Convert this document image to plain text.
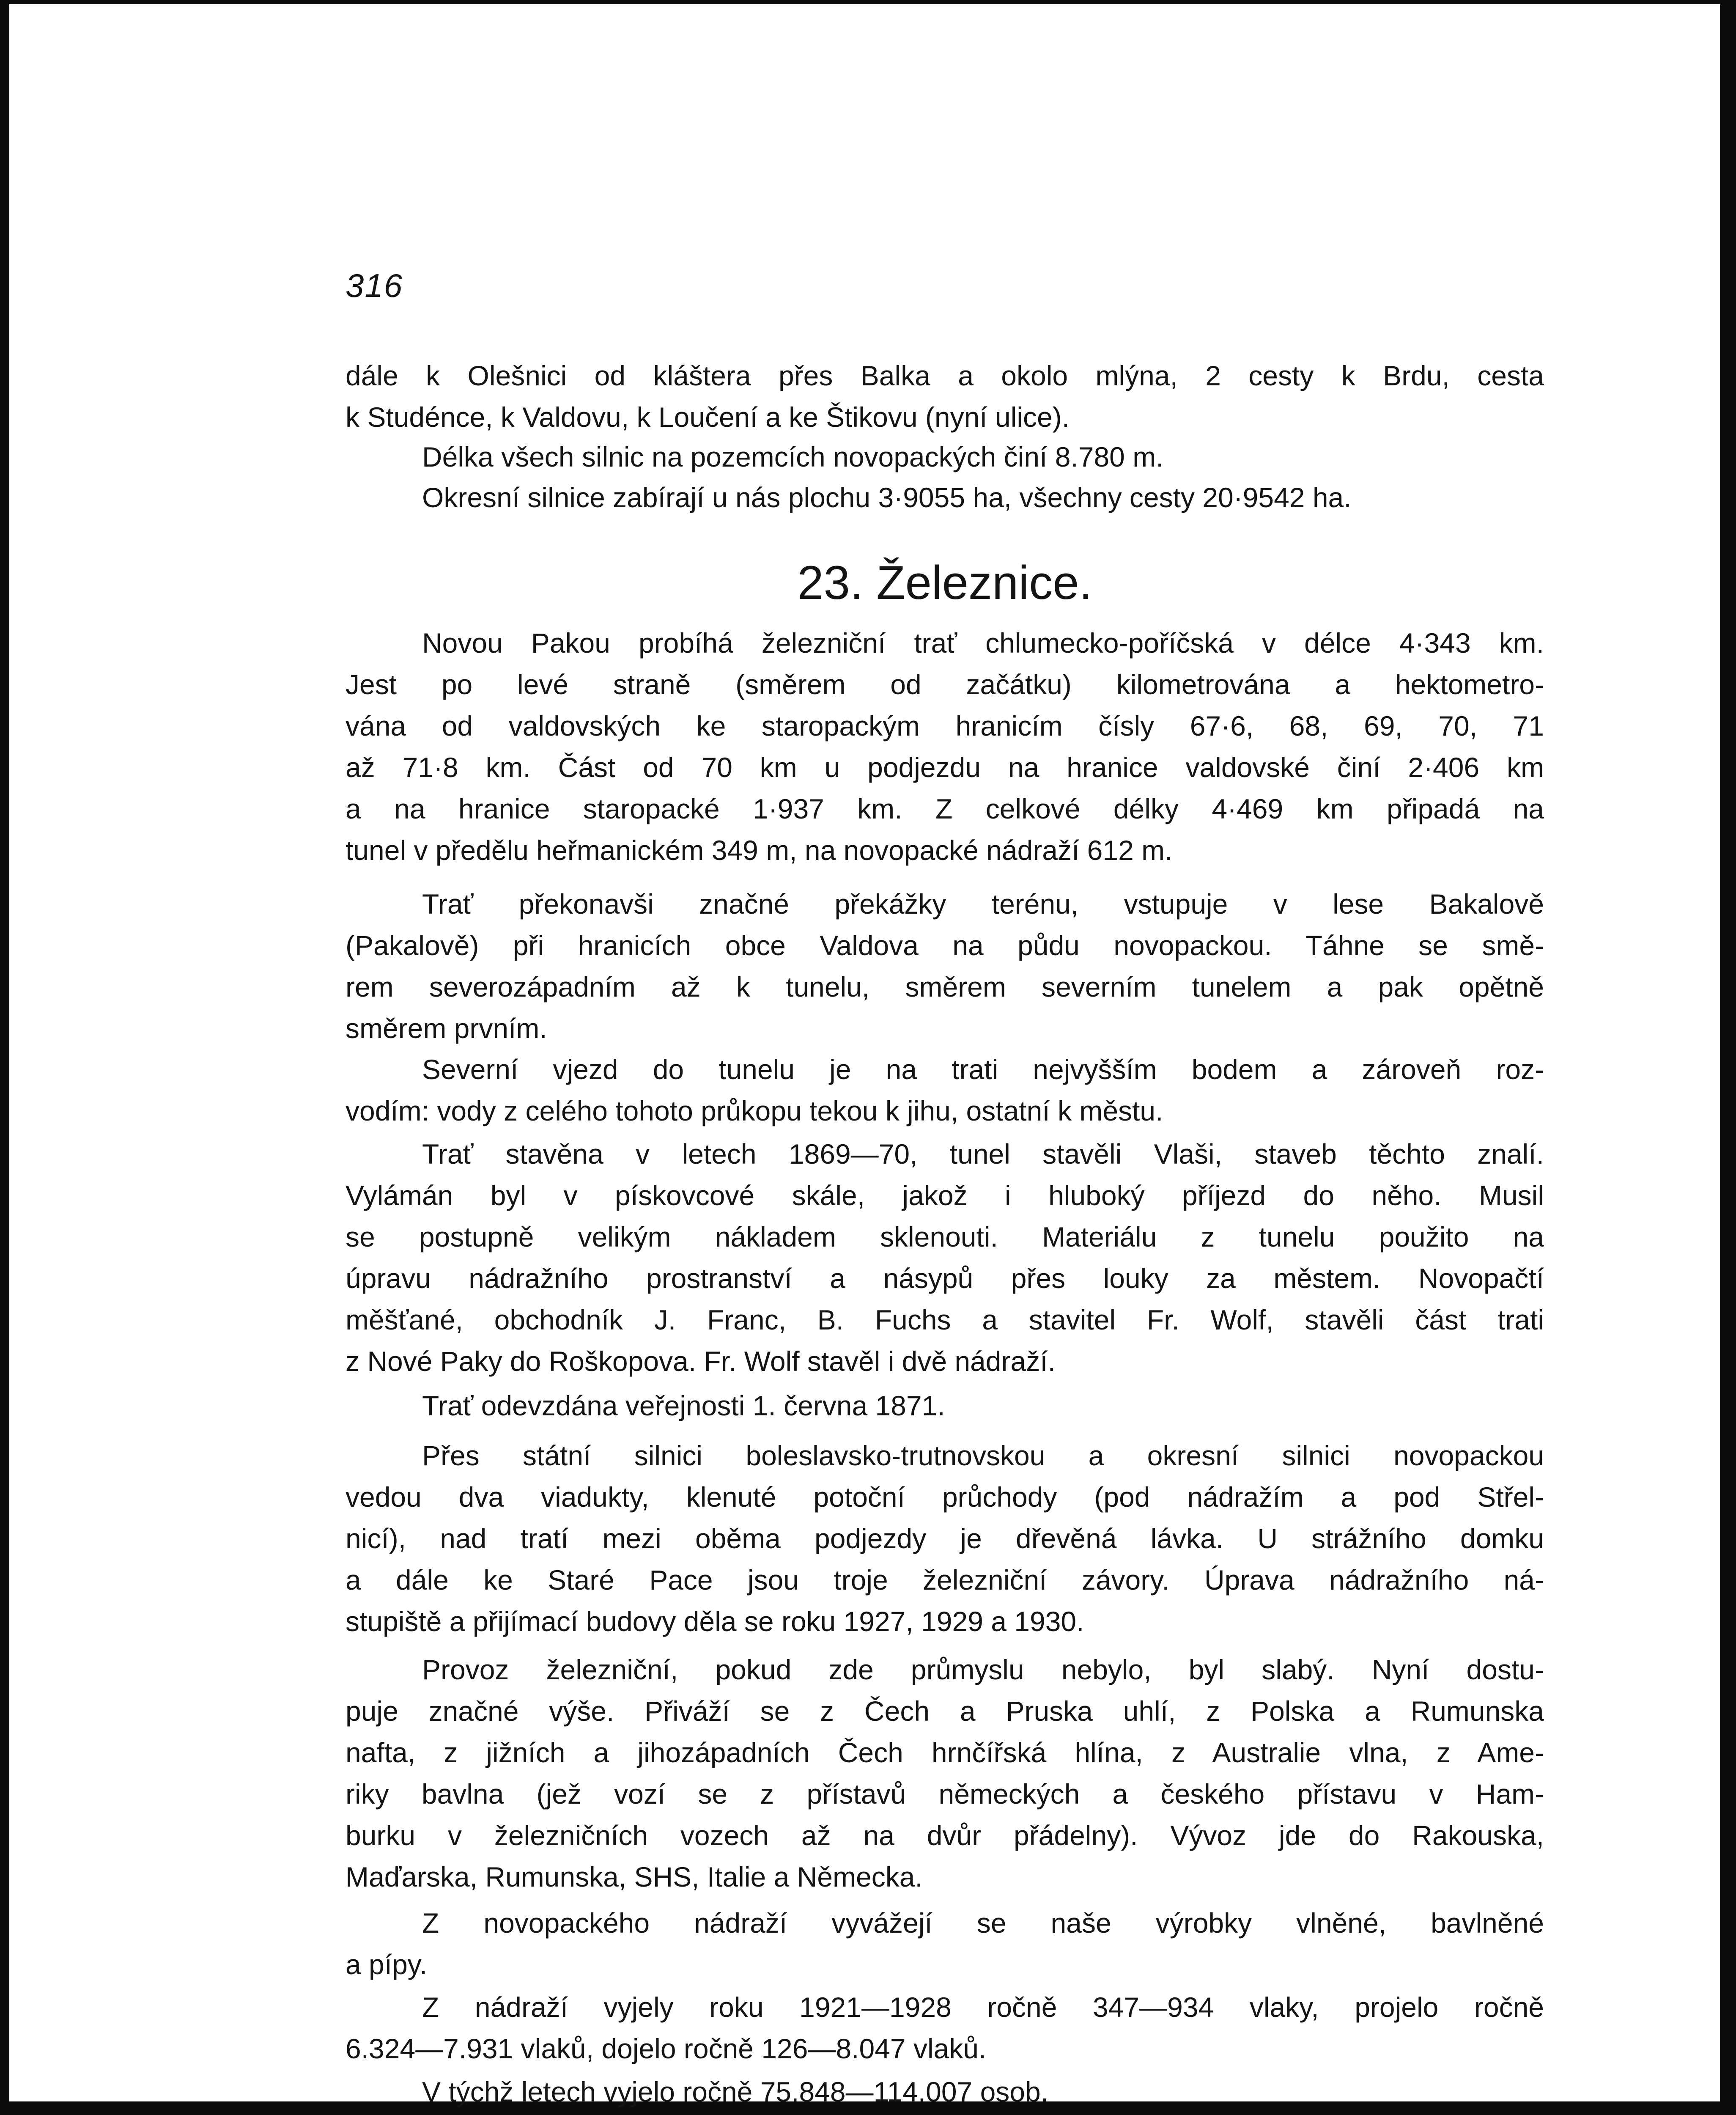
316
23. Železnice.
dále k Olešnici od kláštera přes Balka a okolo mlýna, 2 cesty k Brdu, cesta
k Studénce, k Valdovu, k Loučení a ke Štikovu (nyní ulice).
Délka všech silnic na pozemcích novopackých činí 8.780 m.
Okresní silnice zabírají u nás plochu 3·9055 ha, všechny cesty 20·9542 ha.
Novou Pakou probíhá železniční trať chlumecko-poříčská v délce 4·343 km.
Jest po levé straně (směrem od začátku) kilometrována a hektometro-
vána od valdovských ke staropackým hranicím čísly 67·6, 68, 69, 70, 71
až 71·8 km. Část od 70 km u podjezdu na hranice valdovské činí 2·406 km
a na hranice staropacké 1·937 km. Z celkové délky 4·469 km připadá na
tunel v předělu heřmanickém 349 m, na novopacké nádraží 612 m.
Trať překonavši značné překážky terénu, vstupuje v lese Bakalově
(Pakalově) při hranicích obce Valdova na půdu novopackou. Táhne se smě-
rem severozápadním až k tunelu, směrem severním tunelem a pak opětně
směrem prvním.
Severní vjezd do tunelu je na trati nejvyšším bodem a zároveň roz-
vodím: vody z celého tohoto průkopu tekou k jihu, ostatní k městu.
Trať stavěna v letech 1869—70, tunel stavěli Vlaši, staveb těchto znalí.
Vylámán byl v pískovcové skále, jakož i hluboký příjezd do něho. Musil
se postupně velikým nákladem sklenouti. Materiálu z tunelu použito na
úpravu nádražního prostranství a násypů přes louky za městem. Novopačtí
měšťané, obchodník J. Franc, B. Fuchs a stavitel Fr. Wolf, stavěli část trati
z Nové Paky do Roškopova. Fr. Wolf stavěl i dvě nádraží.
Trať odevzdána veřejnosti 1. června 1871.
Přes státní silnici boleslavsko-trutnovskou a okresní silnici novopackou
vedou dva viadukty, klenuté potoční průchody (pod nádražím a pod Střel-
nicí), nad tratí mezi oběma podjezdy je dřevěná lávka. U strážního domku
a dále ke Staré Pace jsou troje železniční závory. Úprava nádražního ná-
stupiště a přijímací budovy děla se roku 1927, 1929 a 1930.
Provoz železniční, pokud zde průmyslu nebylo, byl slabý. Nyní dostu-
puje značné výše. Přiváží se z Čech a Pruska uhlí, z Polska a Rumunska
nafta, z jižních a jihozápadních Čech hrnčířská hlína, z Australie vlna, z Ame-
riky bavlna (jež vozí se z přístavů německých a českého přístavu v Ham-
burku v železničních vozech až na dvůr přádelny). Vývoz jde do Rakouska,
Maďarska, Rumunska, SHS, Italie a Německa.
Z novopackého nádraží vyvážejí se naše výrobky vlněné, bavlněné
a pípy.
Z nádraží vyjely roku 1921—1928 ročně 347—934 vlaky, projelo ročně
6.324—7.931 vlaků, dojelo ročně 126—8.047 vlaků.
V týchž letech vyjelo ročně 75.848—114.007 osob.
